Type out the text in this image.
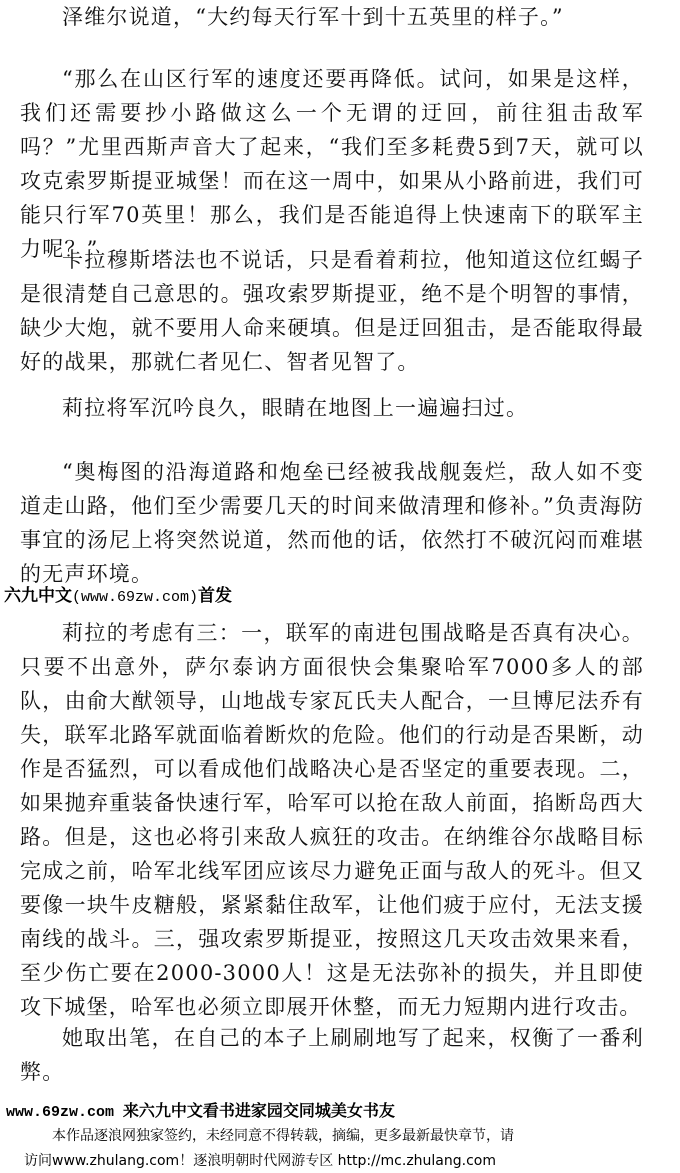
泽维尔说道，“大约每天行军十到十五英里的样子。”

“那么在山区行军的速度还要再降低。试问，如果是这样，我们还需要抄小路做这么一个无谓的迂回，前往狙击敌军吗？”尤里西斯声音大了起来，“我们至多耗费5到7天，就可以攻克索罗斯提亚城堡！而在这一周中，如果从小路前进，我们可能只行军70英里！那么，我们是否能追得上快速南下的联军主力呢？”

卡拉穆斯塔法也不说话，只是看着莉拉，他知道这位红蝎子是很清楚自己意思的。强攻索罗斯提亚，绝不是个明智的事情，缺少大炮，就不要用人命来硬填。但是迂回狙击，是否能取得最好的战果，那就仁者见仁、智者见智了。

莉拉将军沉吟良久，眼睛在地图上一遍遍扫过。

“奥梅图的沿海道路和炮垒已经被我战舰轰烂，敌人如不变道走山路，他们至少需要几天的时间来做清理和修补。”负责海防事宜的汤尼上将突然说道，然而他的话，依然打不破沉闷而难堪的无声环境。

六九中文(www.69zw.com)首发

莉拉的考虑有三：一，联军的南进包围战略是否真有决心。只要不出意外，萨尔泰讷方面很快会集聚哈军7000多人的部队，由俞大猷领导，山地战专家瓦氏夫人配合，一旦博尼法乔有失，联军北路军就面临着断炊的危险。他们的行动是否果断，动作是否猛烈，可以看成他们战略决心是否坚定的重要表现。二，如果抛弃重装备快速行军，哈军可以抢在敌人前面，掐断岛西大路。但是，这也必将引来敌人疯狂的攻击。在纳维谷尔战略目标完成之前，哈军北线军团应该尽力避免正面与敌人的死斗。但又要像一块牛皮糖般，紧紧黏住敌军，让他们疲于应付，无法支援南线的战斗。三，强攻索罗斯提亚，按照这几天攻击效果来看，至少伤亡要在2000-3000人！这是无法弥补的损失，并且即使攻下城堡，哈军也必须立即展开休整，而无力短期内进行攻击。

她取出笔，在自己的本子上刷刷地写了起来，权衡了一番利弊。

www.69zw.com 来六九中文看书进家园交同城美女书友
本作品逐浪网独家签约，未经同意不得转载，摘编，更多最新最快章节，请
访问www.zhulang.com！逐浪明朝时代网游专区 http://mc.zhulang.com
